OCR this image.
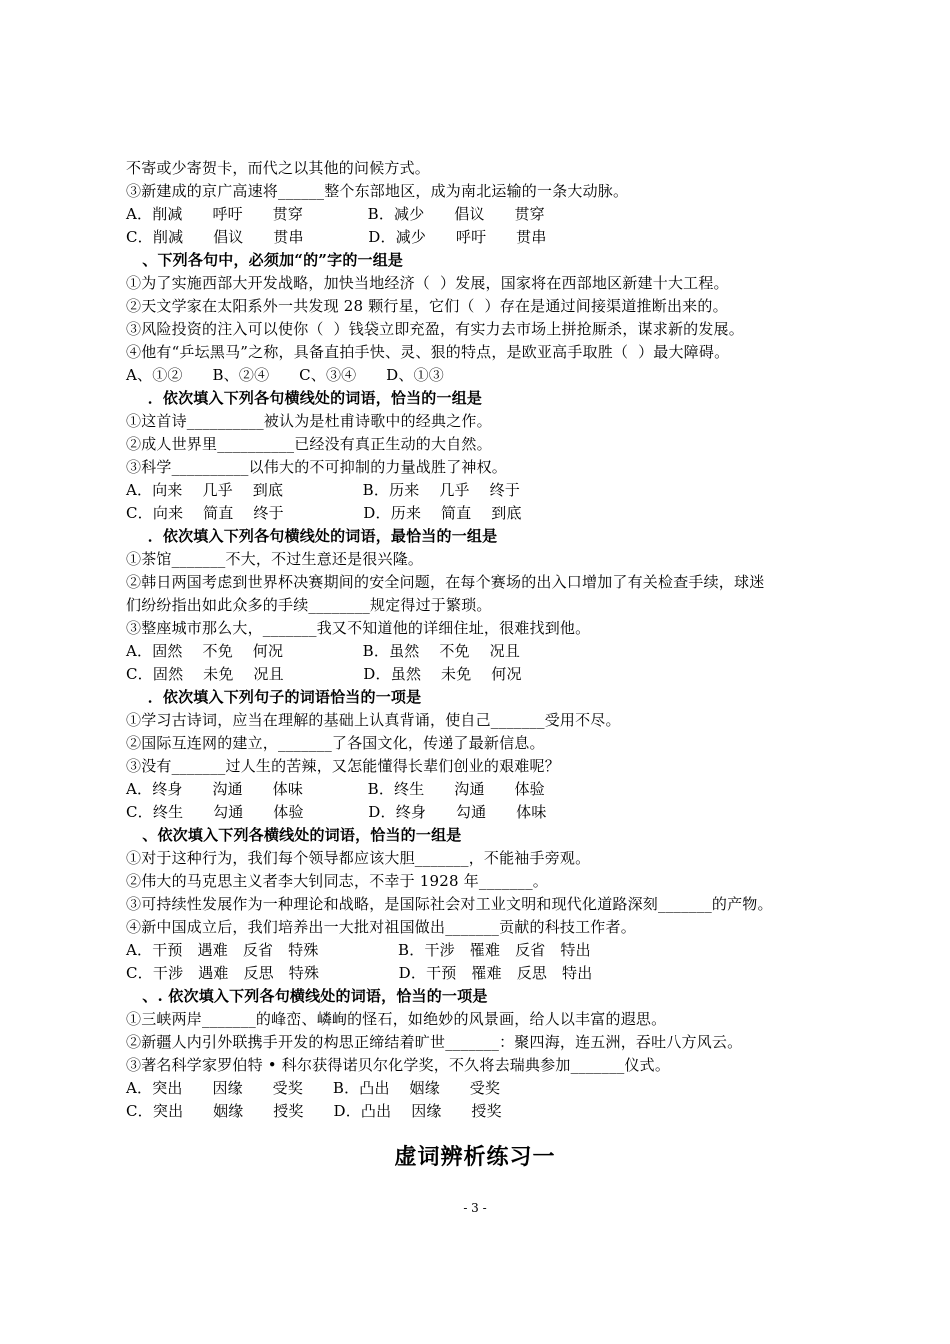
不寄或少寄贺卡，而代之以其他的问候方式。
③新建成的京广高速将______整个东部地区，成为南北运输的一条大动脉。
A．削减      呼吁      贯穿             B．减少      倡议      贯穿
C．削减      倡议      贯串             D．减少      呼吁      贯串
、下列各句中，必须加“的”字的一组是
①为了实施西部大开发战略，加快当地经济（  ）发展，国家将在西部地区新建十大工程。
②天文学家在太阳系外一共发现 28 颗行星，它们（  ）存在是通过间接渠道推断出来的。
③风险投资的注入可以使你（  ）钱袋立即充盈，有实力去市场上拼抢厮杀，谋求新的发展。
④他有“乒坛黑马”之称，具备直拍手快、灵、狠的特点，是欧亚高手取胜（  ）最大障碍。
A、①②      B、②④      C、③④      D、①③
．依次填入下列各句横线处的词语，恰当的一组是
①这首诗__________被认为是杜甫诗歌中的经典之作。
②成人世界里__________已经没有真正生动的大自然。
③科学__________以伟大的不可抑制的力量战胜了神权。
A．向来    几乎    到底                B．历来    几乎    终于
C．向来    简直    终于                D．历来    简直    到底
．依次填入下列各句横线处的词语，最恰当的一组是
①茶馆_______不大，不过生意还是很兴隆。
②韩日两国考虑到世界杯决赛期间的安全问题，在每个赛场的出入口增加了有关检查手续，球迷
们纷纷指出如此众多的手续________规定得过于繁琐。
③整座城市那么大，_______我又不知道他的详细住址，很难找到他。
A．固然    不免    何况                B．虽然    不免    况且
C．固然    未免    况且                D．虽然    未免    何况
．依次填入下列句子的词语恰当的一项是
①学习古诗词，应当在理解的基础上认真背诵，使自己_______受用不尽。
②国际互连网的建立，_______了各国文化，传递了最新信息。
③没有_______过人生的苦辣，又怎能懂得长辈们创业的艰难呢？
A．终身      沟通      体味             B．终生      沟通      体验
C．终生      勾通      体验             D．终身      勾通      体味
、依次填入下列各横线处的词语，恰当的一组是
①对于这种行为，我们每个领导都应该大胆_______，不能袖手旁观。
②伟大的马克思主义者李大钊同志，不幸于 1928 年_______。
③可持续性发展作为一种理论和战略，是国际社会对工业文明和现代化道路深刻_______的产物。
④新中国成立后，我们培养出一大批对祖国做出_______贡献的科技工作者。
A．干预   遇难   反省   特殊                B．干涉   罹难   反省   特出
C．干涉   遇难   反思   特殊                D．干预   罹难   反思   特出
、. 依次填入下列各句横线处的词语，恰当的一项是
①三峡两岸_______的峰峦、嶙峋的怪石，如绝妙的风景画，给人以丰富的遐思。
②新疆人内引外联携手开发的构思正缔结着旷世_______：聚四海，连五洲，吞吐八方风云。
③著名科学家罗伯特 • 科尔获得诺贝尔化学奖，不久将去瑞典参加_______仪式。
A．突出      因缘      受奖      B．凸出    姻缘      受奖
C．突出      姻缘      授奖      D．凸出    因缘      授奖
虚词辨析练习一
- 3 -
